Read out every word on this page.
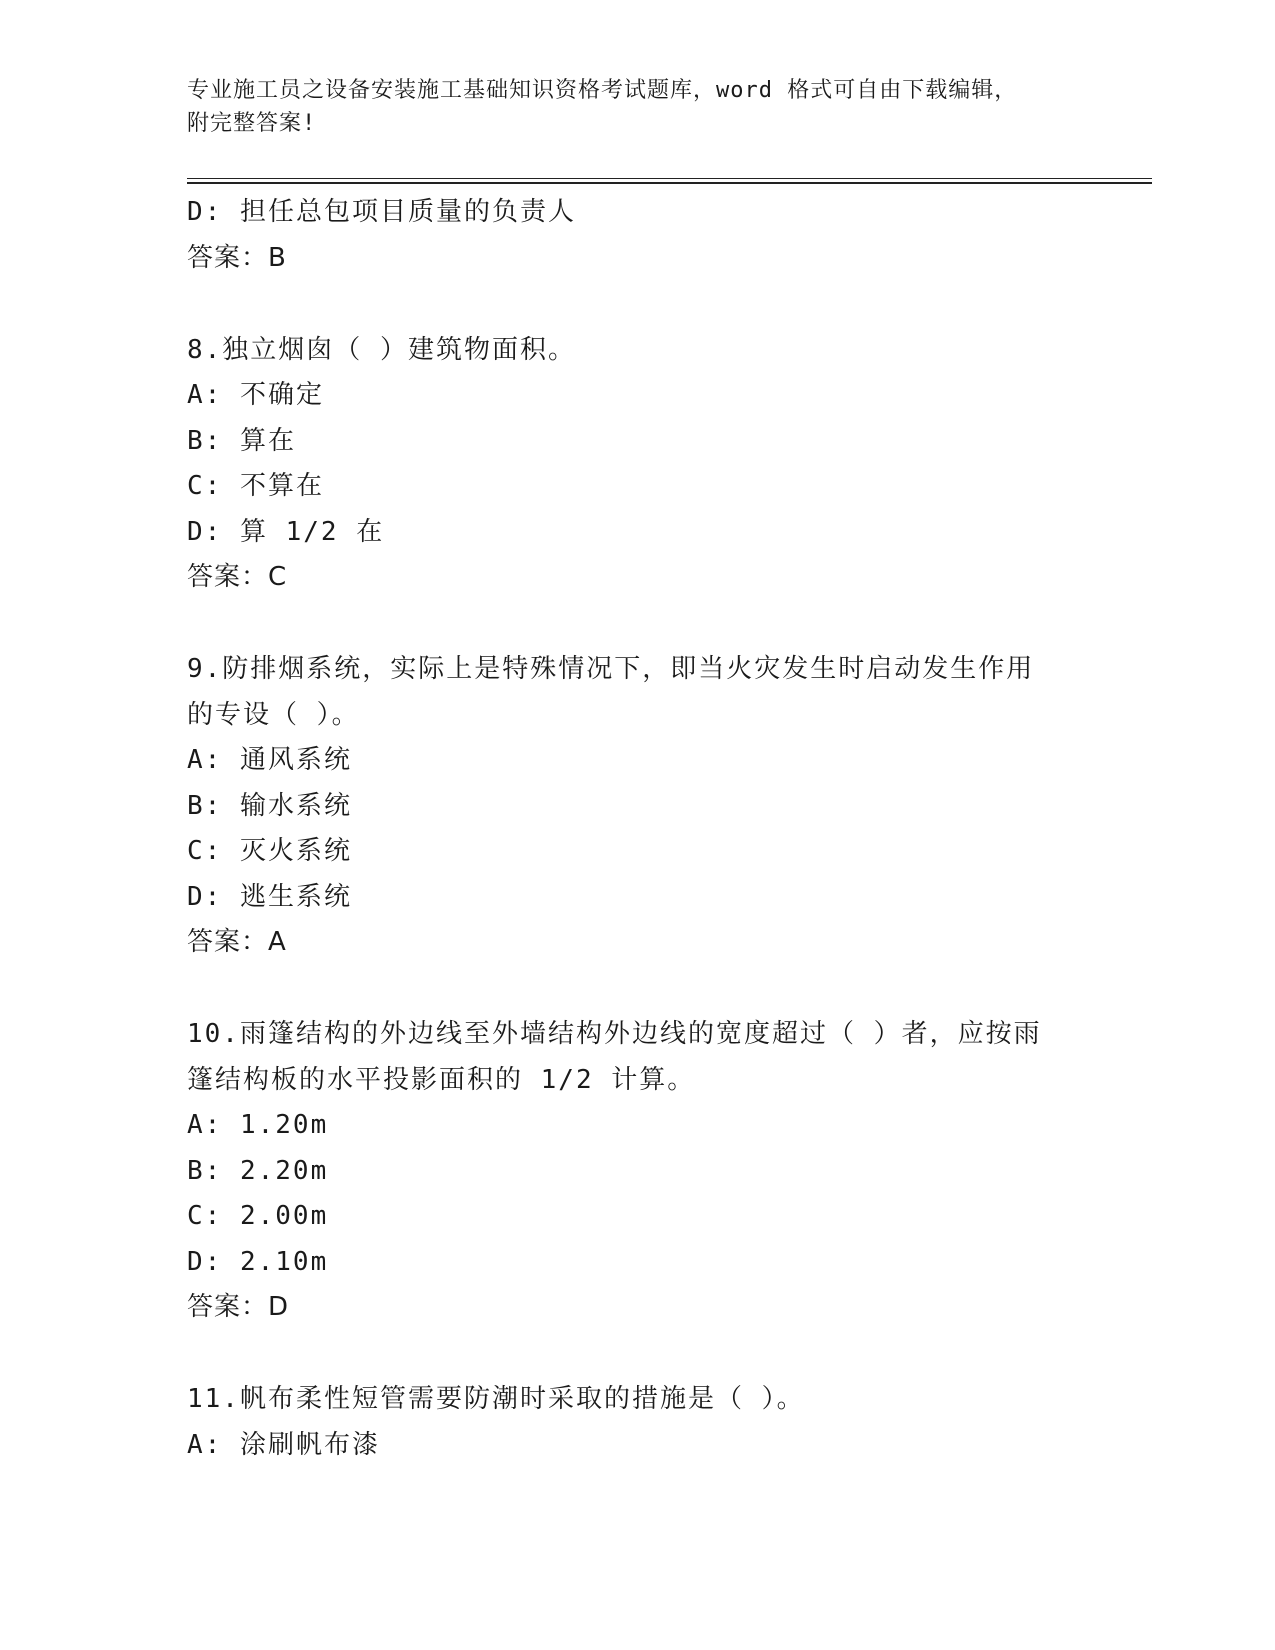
专业施工员之设备安装施工基础知识资格考试题库，word 格式可自由下载编辑，
附完整答案!
D: 担任总包项目质量的负责人
答案：B
8.独立烟囱（ ）建筑物面积。
A: 不确定
B: 算在
C: 不算在
D: 算 1/2 在
答案：C
9.防排烟系统，实际上是特殊情况下，即当火灾发生时启动发生作用
的专设（ ）。
A: 通风系统
B: 输水系统
C: 灭火系统
D: 逃生系统
答案：A
10.雨篷结构的外边线至外墙结构外边线的宽度超过（ ）者，应按雨
篷结构板的水平投影面积的 1/2 计算。
A: 1.20m
B: 2.20m
C: 2.00m
D: 2.10m
答案：D
11.帆布柔性短管需要防潮时采取的措施是（ ）。
A: 涂刷帆布漆
